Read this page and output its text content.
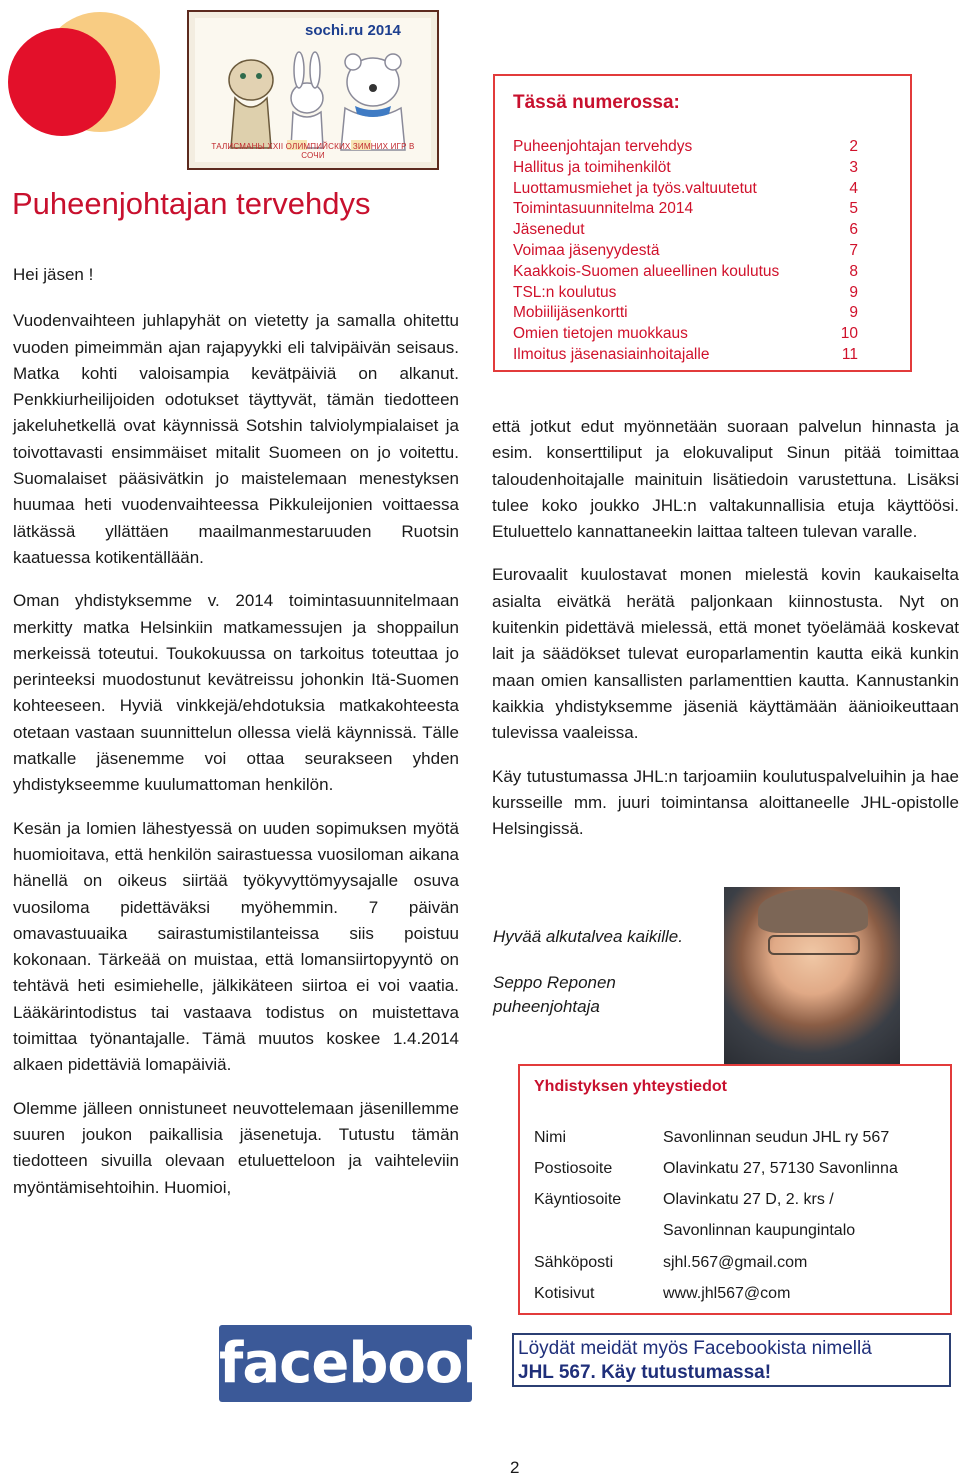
sochi.ru 2014
ТАЛИСМАНЫ XXII ОЛИМПИЙСКИХ ЗИМНИХ ИГР В СОЧИ
Puheenjohtajan tervehdys

Hei jäsen !

Vuodenvaihteen juhlapyhät on vietetty ja samalla ohitettu vuoden pimeimmän ajan rajapyykki eli talvipäivän seisaus. Matka kohti valoisampia kevätpäiviä on alkanut. Penkkiurheilijoiden odotukset täyttyvät, tämän tiedotteen jakeluhetkellä ovat käynnissä Sotshin talviolympialaiset ja toivottavasti ensimmäiset mitalit Suomeen on jo voitettu. Suomalaiset pääsivätkin jo maistelemaan menestyksen huumaa heti vuodenvaihteessa Pikkuleijonien voittaessa lätkässä yllättäen maailmanmestaruuden Ruotsin kaatuessa kotikentällään.

Oman yhdistyksemme v. 2014 toimintasuunnitelmaan merkitty matka Helsinkiin matkamessujen ja shoppailun merkeissä toteutui. Toukokuussa on tarkoitus toteuttaa jo perinteeksi muodostunut kevätreissu johonkin Itä-Suomen kohteeseen. Hyviä vinkkejä/ehdotuksia matkakohteesta otetaan vastaan suunnittelun ollessa vielä käynnissä. Tälle matkalle jäsenemme voi ottaa seurakseen yhden yhdistykseemme kuulumattoman henkilön.

Kesän ja lomien lähestyessä on uuden sopimuksen myötä huomioitava, että henkilön sairastuessa vuosiloman aikana hänellä on oikeus siirtää työkyvyttömyysajalle osuva vuosiloma pidettäväksi myöhemmin. 7 päivän omavastuuaika sairastumistilanteissa siis poistuu kokonaan. Tärkeää on muistaa, että lomansiirtopyyntö on tehtävä heti esimiehelle, jälkikäteen siirtoa ei voi vaatia. Lääkärintodistus tai vastaava todistus on muistettava toimittaa työnantajalle. Tämä muutos koskee 1.4.2014 alkaen pidettäviä lomapäiviä.

Olemme jälleen onnistuneet neuvottelemaan jäsenillemme suuren joukon paikallisia jäsenetuja. Tutustu tämän tiedotteen sivuilla olevaan etuluetteloon ja vaihteleviin myöntämisehtoihin. Huomioi,

Tässä numerossa:
Puheenjohtajan tervehdys	2
Hallitus ja toimihenkilöt	3
Luottamusmiehet ja työs.valtuutetut	4
Toimintasuunnitelma 2014	5
Jäsenedut	6
Voimaa jäsenyydestä	7
Kaakkois-Suomen alueellinen koulutus	8
TSL:n koulutus	9
Mobiilijäsenkortti	9
Omien tietojen muokkaus	10
Ilmoitus jäsenasiainhoitajalle	11

että jotkut edut myönnetään suoraan palvelun hinnasta ja esim. konserttiliput ja elokuvaliput Sinun pitää toimittaa taloudenhoitajalle mainituin lisätiedoin varustettuna. Lisäksi tulee koko joukko JHL:n valtakunnallisia etuja käyttöösi. Etuluettelo kannattaneekin laittaa talteen tulevan varalle.

Eurovaalit kuulostavat monen mielestä kovin kaukaiselta asialta eivätkä herätä paljonkaan kiinnostusta. Nyt on kuitenkin pidettävä mielessä, että monet työelämää koskevat lait ja säädökset tulevat europarlamentin kautta eikä kunkin maan omien kansallisten parlamenttien kautta. Kannustankin kaikkia yhdistyksemme jäseniä käyttämään äänioikeuttaan tulevissa vaaleissa.

Käy tutustumassa JHL:n tarjoamiin koulutuspalveluihin ja hae kursseille mm. juuri toimintansa aloittaneelle JHL-opistolle Helsingissä.

Hyvää alkutalvea kaikille.
Seppo Reponen
puheenjohtaja
Yhdistyksen yhteystiedot
Nimi	Savonlinnan seudun JHL ry 567
Postiosoite	Olavinkatu 27, 57130 Savonlinna
Käyntiosoite	Olavinkatu 27 D, 2. krs /
Savonlinnan kaupungintalo
Sähköposti	sjhl.567@gmail.com
Kotisivut	www.jhl567@com
facebook Löydät meidät myös Facebookista nimellä
JHL 567. Käy tutustumassa!
2
